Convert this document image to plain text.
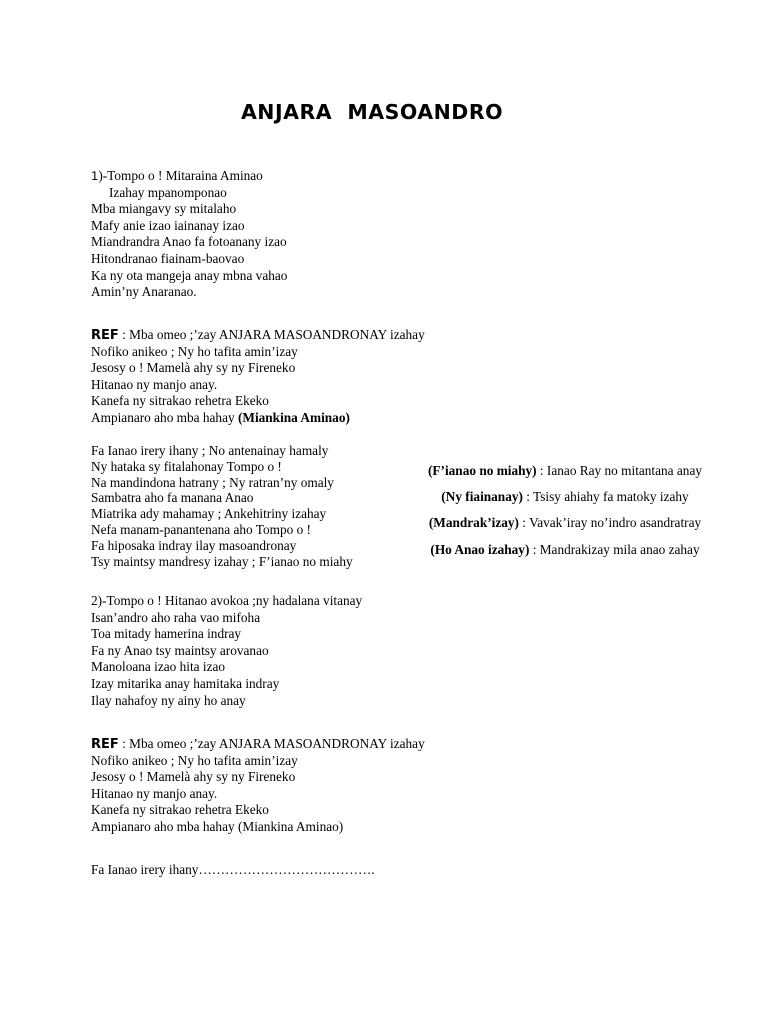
ANJARA  MASOANDRO
1)-Tompo o ! Mitaraina Aminao
Izahay mpanomponao
Mba miangavy sy mitalaho
Mafy anie izao iainanay izao
Miandrandra Anao fa fotoanany izao
Hitondranao fiainam-baovao
Ka ny ota mangeja anay mbna vahao
Amin’ny Anaranao.
REF : Mba omeo ;’zay ANJARA MASOANDRONAY izahay
Nofiko anikeo ; Ny ho tafita amin’izay
Jesosy o ! Mamelà ahy sy ny Fireneko
Hitanao ny manjo anay.
Kanefa ny sitrakao rehetra Ekeko
Ampianaro aho mba hahay (Miankina Aminao)
Fa Ianao irery ihany ; No antenainay hamaly
Ny hataka sy fitalahonay Tompo o !
Na mandindona hatrany ; Ny ratran’ny omaly
Sambatra aho fa manana Anao
Miatrika ady mahamay ; Ankehitriny izahay
Nefa manam-panantenana aho Tompo o !
Fa hiposaka indray ilay masoandronay
Tsy maintsy mandresy izahay ; F’ianao no miahy
(F’ianao no miahy) : Ianao Ray no mitantana anay
(Ny fiainanay) : Tsisy ahiahy fa matoky izahy
(Mandrak’izay) : Vavak’iray no’indro asandratray
(Ho Anao izahay) : Mandrakizay mila anao zahay
2)-Tompo o ! Hitanao avokoa ;ny hadalana vitanay
Isan’andro aho raha vao mifoha
Toa mitady hamerina indray
Fa ny Anao tsy maintsy arovanao
Manoloana izao hita izao
Izay mitarika anay hamitaka indray
Ilay nahafoy ny ainy ho anay
REF : Mba omeo ;’zay ANJARA MASOANDRONAY izahay
Nofiko anikeo ; Ny ho tafita amin’izay
Jesosy o ! Mamelà ahy sy ny Fireneko
Hitanao ny manjo anay.
Kanefa ny sitrakao rehetra Ekeko
Ampianaro aho mba hahay (Miankina Aminao)
Fa Ianao irery ihany………………………………….
